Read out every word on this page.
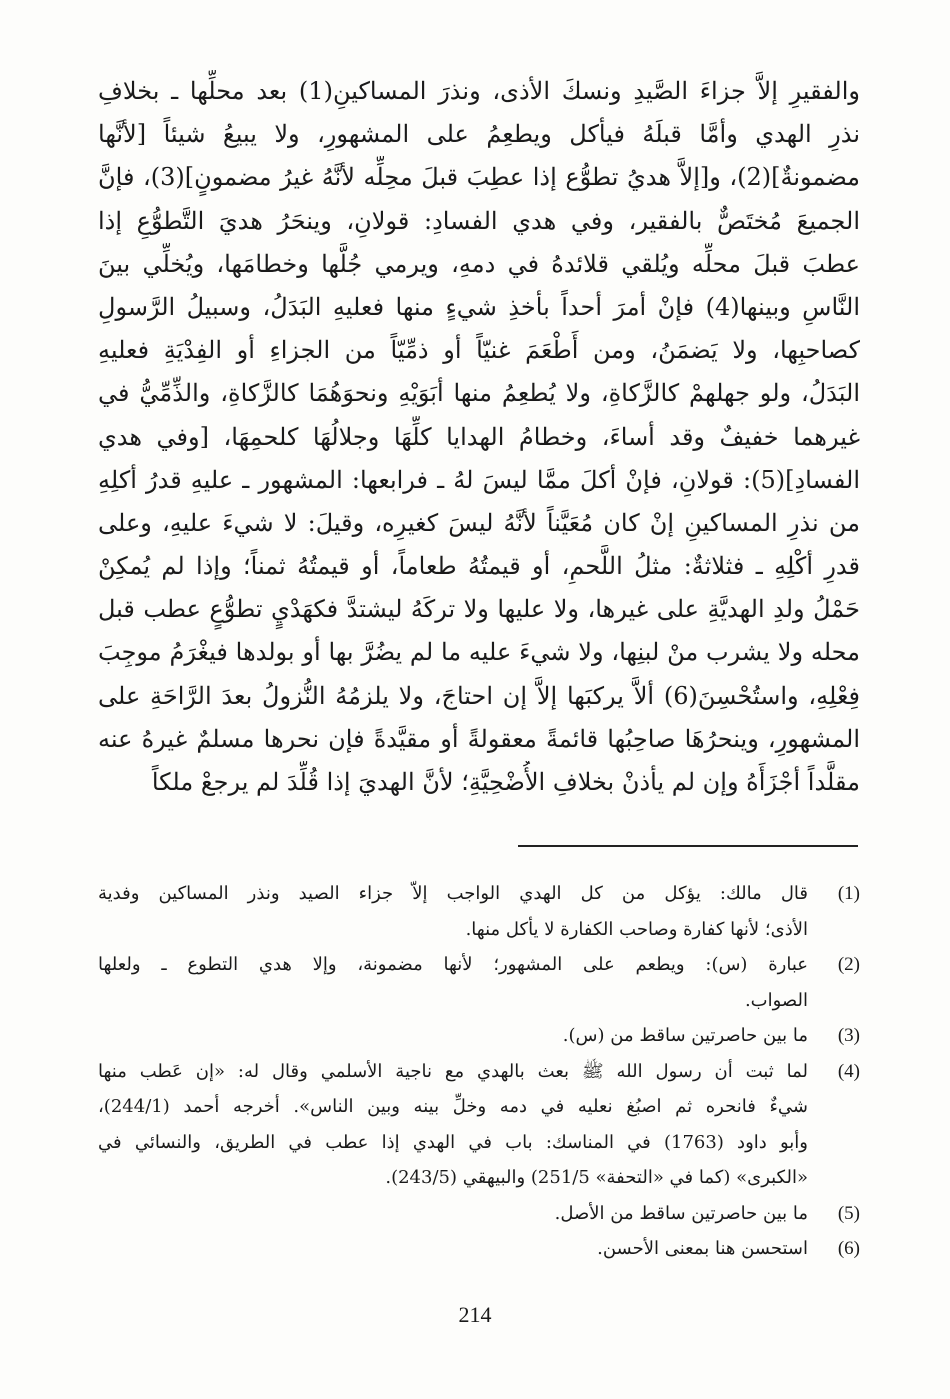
والفقيرِ إلاَّ جزاءَ الصَّيدِ ونسكَ الأذى، ونذرَ المساكينِ(1) بعد محلِّها ـ بخلافِ
نذرِ الهدي وأمَّا قبلَهُ فيأكل ويطعِمُ على المشهورِ، ولا يبيعُ شيئاً [لأنَّها
مضمونةٌ](2)، و[إلاَّ هديُ تطوُّع إذا عطِبَ قبلَ محِلِّه لأنَّهُ غيرُ مضمونٍ](3)، فإنَّ
الجميعَ مُختَصٌّ بالفقير، وفي هدي الفسادِ: قولانِ، وينحَرُ هديَ التَّطوُّعِ إذا
عطبَ قبلَ محلِّه ويُلقي قلائدهُ في دمهِ، ويرمي جُلَّها وخطامَها، ويُخلِّي بينَ
النَّاسِ وبينها(4) فإنْ أمرَ أحداً بأخذِ شيءٍ منها فعليهِ البَدَلُ، وسبيلُ الرَّسولِ
كصاحبِها، ولا يَضمَنُ، ومن أَطْعَمَ غنيّاً أو ذمِّيّاً من الجزاءِ أو الفِدْيَةِ فعليهِ
البَدَلُ، ولو جهلهمْ كالزَّكاةِ، ولا يُطعِمُ منها أبَوَيْهِ ونحوَهُمَا كالزَّكاةِ، والذِّمِّيُّ في
غيرهما خفيفٌ وقد أساءَ، وخطامُ الهدايا كلِّهَا وجلالُهَا كلحمِهَا، [وفي هدي
الفسادِ](5): قولانِ، فإنْ أكلَ ممَّا ليسَ لهُ ـ فرابعها: المشهور ـ عليهِ قدرُ أكلِهِ
من نذرِ المساكينِ إنْ كان مُعَيَّناً لأنَّهُ ليسَ كغيرِه، وقيلَ: لا شيءَ عليهِ، وعلى
قدرِ أكْلِهِ ـ فثلاثةٌ: مثلُ اللَّحمِ، أو قيمتُهُ طعاماً، أو قيمتُهُ ثمناً؛ وإذا لم يُمكِنْ
حَمْلُ ولدِ الهديَّةِ على غيرها، ولا عليها ولا تركَهُ ليشتدَّ فكهَدْيٍ تطوُّعٍ عطب قبل
محله ولا يشرب منْ لبنِها، ولا شيءَ عليه ما لم يضُرَّ بها أو بولدها فيغْرَمُ موجِبَ
فِعْلِهِ، واستُحْسِنَ(6) ألاَّ يركبَها إلاَّ إن احتاجَ، ولا يلزمُهُ النُّزولُ بعدَ الرَّاحَةِ على
المشهورِ، وينحرُهَا صاحِبُها قائمةً معقولةً أو مقيَّدةً فإن نحرها مسلمٌ غيرهُ عنه
مقلَّداً أجْزَأَهُ وإن لم يأذنْ بخلافِ الأُضْحِيَّةِ؛ لأنَّ الهديَ إذا قُلِّدَ لم يرجعْ ملكاً
(1)
قال مالك: يؤكل من كل الهدي الواجب إلاّ جزاء الصيد ونذر المساكين وفدية
الأذى؛ لأنها كفارة وصاحب الكفارة لا يأكل منها.
(2)
عبارة (س): ويطعم على المشهور؛ لأنها مضمونة، وإلا هدي التطوع ـ ولعلها
الصواب.
(3)
ما بين حاصرتين ساقط من (س).
(4)
لما ثبت أن رسول الله ﷺ بعث بالهدي مع ناجية الأسلمي وقال له: «إن عَطب منها
شيءٌ فانحره ثم اصبُغ نعليه في دمه وخلِّ بينه وبين الناس». أخرجه أحمد (244/1)،
وأبو داود (1763) في المناسك: باب في الهدي إذا عطب في الطريق، والنسائي في
«الكبرى» (كما في «التحفة» 251/5) والبيهقي (243/5).
(5)
ما بين حاصرتين ساقط من الأصل.
(6)
استحسن هنا بمعنى الأحسن.
214
